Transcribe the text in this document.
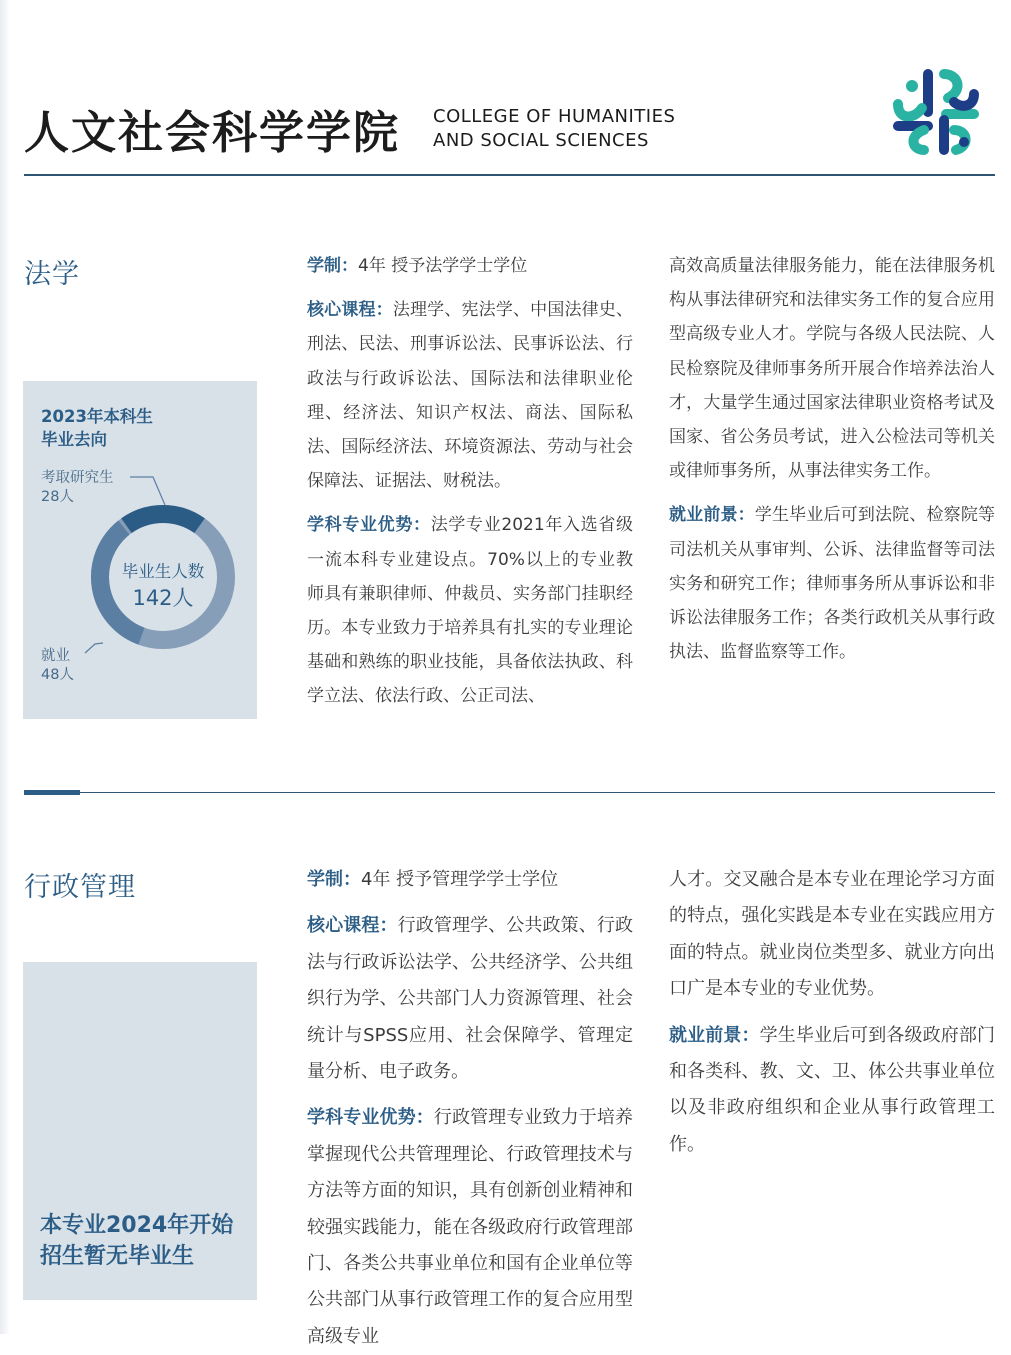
人文社会科学学院 COLLEGE OF HUMANITIES
AND SOCIAL SCIENCES
法学
2023年本科生
毕业去向
考取研究生
28人
毕业生人数
142人
就业
48人

学制：4年 授予法学学士学位

核心课程：法理学、宪法学、中国法律史、刑法、民法、刑事诉讼法、民事诉讼法、行政法与行政诉讼法、国际法和法律职业伦理、经济法、知识产权法、商法、国际私法、国际经济法、环境资源法、劳动与社会保障法、证据法、财税法。

学科专业优势：法学专业2021年入选省级一流本科专业建设点。70%以上的专业教师具有兼职律师、仲裁员、实务部门挂职经历。本专业致力于培养具有扎实的专业理论基础和熟练的职业技能，具备依法执政、科学立法、依法行政、公正司法、

高效高质量法律服务能力，能在法律服务机构从事法律研究和法律实务工作的复合应用型高级专业人才。学院与各级人民法院、人民检察院及律师事务所开展合作培养法治人才，大量学生通过国家法律职业资格考试及国家、省公务员考试，进入公检法司等机关或律师事务所，从事法律实务工作。

就业前景：学生毕业后可到法院、检察院等司法机关从事审判、公诉、法律监督等司法实务和研究工作；律师事务所从事诉讼和非诉讼法律服务工作；各类行政机关从事行政执法、监督监察等工作。

行政管理
本专业2024年开始
招生暂无毕业生

学制：4年 授予管理学学士学位

核心课程：行政管理学、公共政策、行政法与行政诉讼法学、公共经济学、公共组织行为学、公共部门人力资源管理、社会统计与SPSS应用、社会保障学、管理定量分析、电子政务。

学科专业优势：行政管理专业致力于培养掌握现代公共管理理论、行政管理技术与方法等方面的知识，具有创新创业精神和较强实践能力，能在各级政府行政管理部门、各类公共事业单位和国有企业单位等公共部门从事行政管理工作的复合应用型高级专业

人才。交叉融合是本专业在理论学习方面的特点，强化实践是本专业在实践应用方面的特点。就业岗位类型多、就业方向出口广是本专业的专业优势。

就业前景：学生毕业后可到各级政府部门和各类科、教、文、卫、体公共事业单位以及非政府组织和企业从事行政管理工作。
